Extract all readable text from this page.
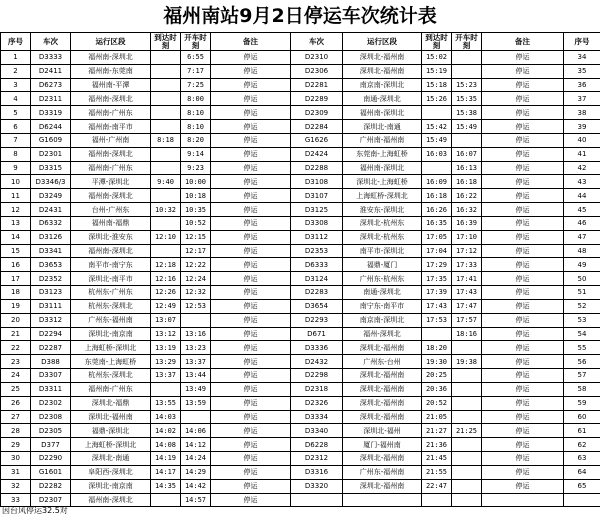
福州南站9月2日停运车次统计表
序号	车次	运行区段	到达时刻	开车时刻	备注	车次	运行区段	到达时刻	开车时刻	备注	序号
1	D3333	福州南-深圳北		6:55	停运	D2310	深圳北-福州南	15:02		停运	34
2	D2411	福州南-东莞南		7:17	停运	D2306	深圳北-福州南	15:19		停运	35
3	D6273	福州南-平潭		7:25	停运	D2281	南京南-深圳北	15:18	15:23	停运	36
4	D2311	福州南-深圳北		8:00	停运	D2289	南通-深圳北	15:26	15:35	停运	37
5	D3319	福州南-广州东		8:10	停运	D2309	福州南-深圳北		15:38	停运	38
6	D6244	福州南-南平市		8:10	停运	D2284	深圳北-南通	15:42	15:49	停运	39
7	G1609	福州-广州南	8:18	8:20	停运	G1626	广州南-福州南	15:49		停运	40
8	D2301	福州南-深圳北		9:14	停运	D2424	东莞南-上海虹桥	16:03	16:07	停运	41
9	D3315	福州南-广州东		9:23	停运	D2288	福州南-深圳北		16:13	停运	42
10	D3346/3	平潭-深圳北	9:40	10:00	停运	D3108	深圳北-上海虹桥	16:09	16:18	停运	43
11	D3249	福州南-深圳北		10:18	停运	D3107	上海虹桥-深圳北	16:18	16:22	停运	44
12	D2431	台州-广州东	10:32	10:35	停运	D3125	淮安东-深圳北	16:26	16:32	停运	45
13	D6332	福州南-福鼎		10:52	停运	D3308	深圳北-杭州东	16:35	16:39	停运	46
14	D3126	深圳北-淮安东	12:10	12:15	停运	D3112	深圳北-杭州东	17:05	17:10	停运	47
15	D3341	福州南-深圳北		12:17	停运	D2353	南平市-深圳北	17:04	17:12	停运	48
16	D3653	南平市-南宁东	12:18	12:22	停运	D6333	福鼎-厦门	17:29	17:33	停运	49
17	D2352	深圳北-南平市	12:16	12:24	停运	D3124	广州东-杭州东	17:35	17:41	停运	50
18	D3123	杭州东-广州东	12:26	12:32	停运	D2283	南通-深圳北	17:39	17:43	停运	51
19	D3111	杭州东-深圳北	12:49	12:53	停运	D3654	南宁东-南平市	17:43	17:47	停运	52
20	D3312	广州东-福州南	13:07		停运	D2293	南京南-深圳北	17:53	17:57	停运	53
21	D2294	深圳北-南京南	13:12	13:16	停运	D671	福州-深圳北		18:16	停运	54
22	D2287	上海虹桥-深圳北	13:19	13:23	停运	D3336	深圳北-福州南	18:20		停运	55
23	D388	东莞南-上海虹桥	13:29	13:37	停运	D2432	广州东-台州	19:30	19:38	停运	56
24	D3307	杭州东-深圳北	13:37	13:44	停运	D2298	深圳北-福州南	20:25		停运	57
25	D3311	福州南-广州东		13:49	停运	D2318	深圳北-福州南	20:36		停运	58
26	D2302	深圳北-福鼎	13:55	13:59	停运	D2326	深圳北-福州南	20:52		停运	59
27	D2308	深圳北-福州南	14:03		停运	D3334	深圳北-福州南	21:05		停运	60
28	D2305	福鼎-深圳北	14:02	14:06	停运	D3340	深圳北-福州	21:27	21:25	停运	61
29	D377	上海虹桥-深圳北	14:08	14:12	停运	D6228	厦门-福州南	21:36		停运	62
30	D2290	深圳北-南通	14:19	14:24	停运	D2312	深圳北-福州南	21:45		停运	63
31	G1601	阜阳西-深圳北	14:17	14:29	停运	D3316	广州东-福州南	21:55		停运	64
32	D2282	深圳北-南京南	14:35	14:42	停运	D3320	深圳北-福州南	22:47		停运	65
33	D2307	福州南-深圳北		14:57	停运						
因台风停运32.5对
